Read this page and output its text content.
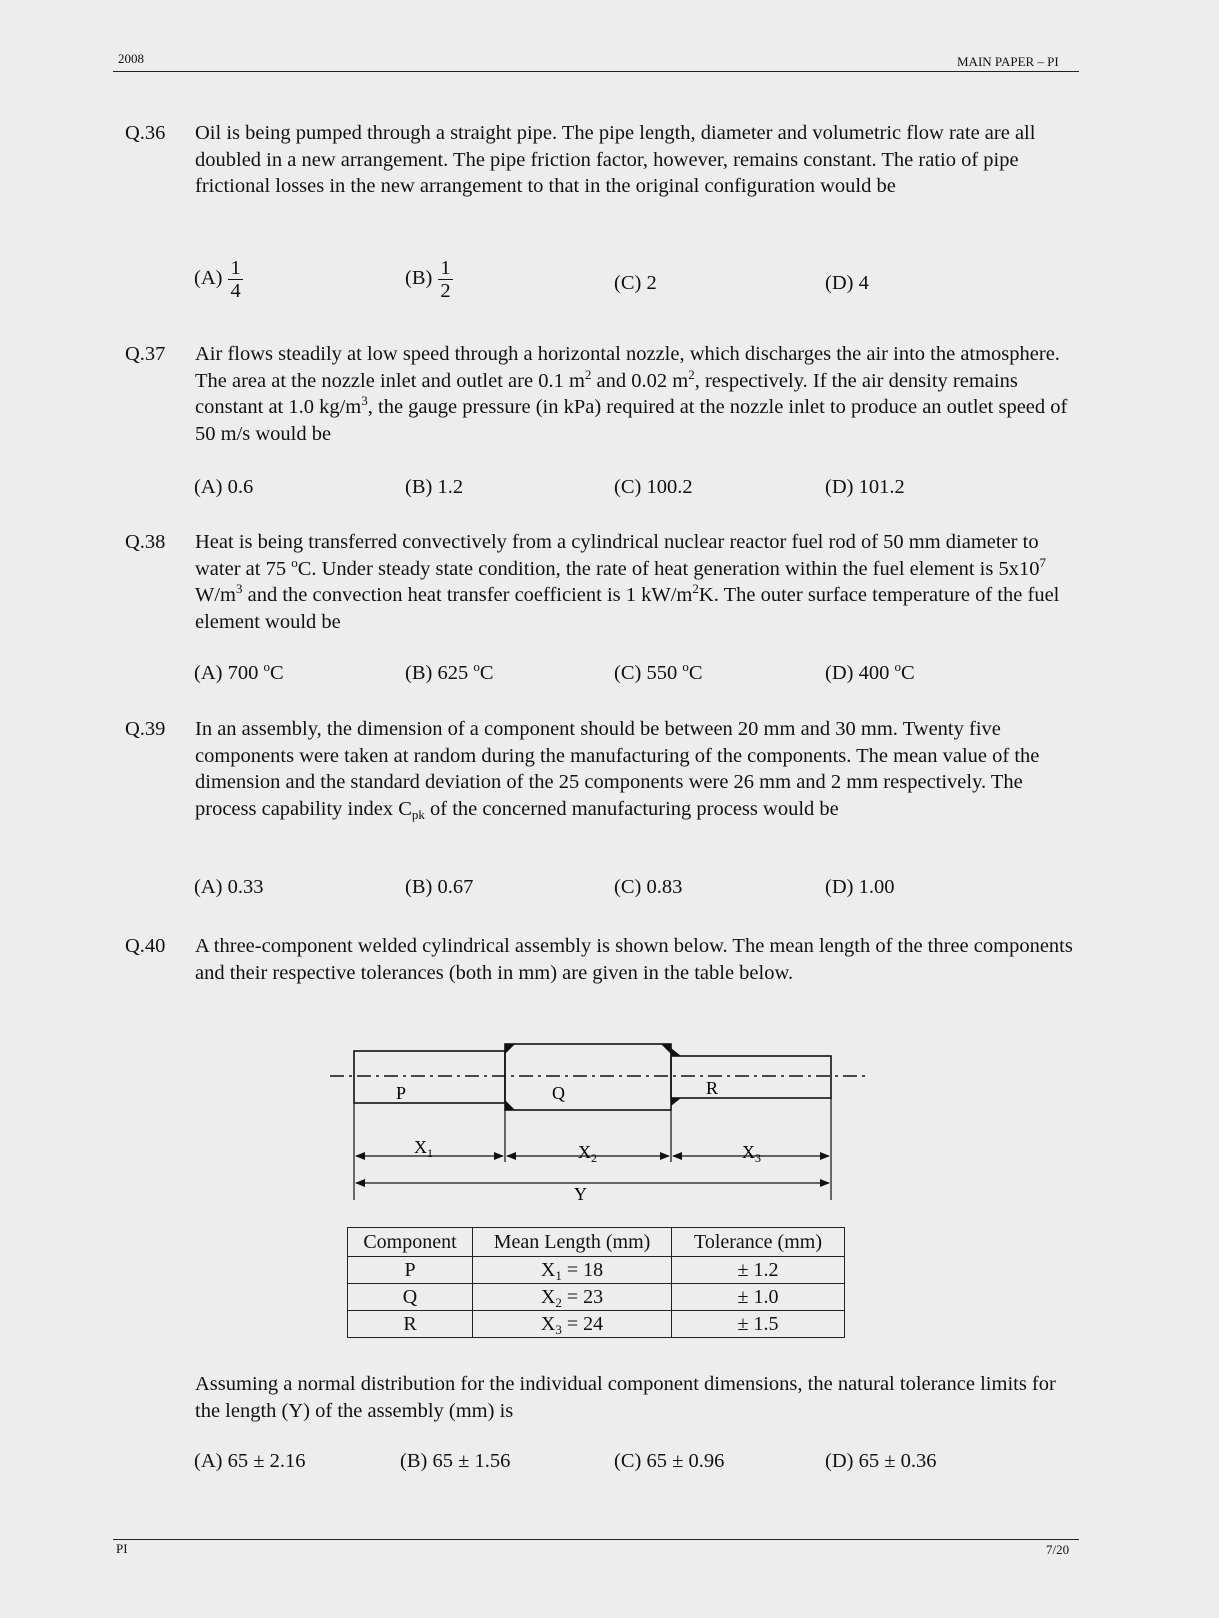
2008	MAIN PAPER – PI
Q.36 Oil is being pumped through a straight pipe. The pipe length, diameter and volumetric flow rate are all doubled in a new arrangement. The pipe friction factor, however, remains constant. The ratio of pipe frictional losses in the new arrangement to that in the original configuration would be
$(A) \frac{1}{4}$	$(B) \frac{1}{2}$	(C) 2	(D) 4
Q.37 Air flows steadily at low speed through a horizontal nozzle, which discharges the air into the atmosphere. The area at the nozzle inlet and outlet are 0.1 $m^2$ and 0.02 $m^2$, respectively. If the air density remains constant at 1.0 $kg/m^3$, the gauge pressure (in kPa) required at the nozzle inlet to produce an outlet speed of 50 m/s would be
(A) 0.6	(B) 1.2	(C) 100.2	(D) 101.2
Q.38 Heat is being transferred convectively from a cylindrical nuclear reactor fuel rod of 50 mm diameter to water at 75 $^o$C. Under steady state condition, the rate of heat generation within the fuel element is $5x10^7$ $W/m^3$ and the convection heat transfer coefficient is 1 $kW/m^2K$. The outer surface temperature of the fuel element would be
(A) 700 $^o$C	(B) 625 $^o$C	(C) 550 $^o$C	(D) 400 $^o$C
Q.39 In an assembly, the dimension of a component should be between 20 mm and 30 mm. Twenty five components were taken at random during the manufacturing of the components. The mean value of the dimension and the standard deviation of the 25 components were 26 mm and 2 mm respectively. The process capability index $C_{pk}$ of the concerned manufacturing process would be
(A) 0.33	(B) 0.67	(C) 0.83	(D) 1.00
Q.40 A three-component welded cylindrical assembly is shown below. The mean length of the three components and their respective tolerances (both in mm) are given in the table below.
P	Q	R
$X_1$	$X_2$	$X_3$
Y
Component	Mean Length (mm)	Tolerance (mm)
P	$X_1 = 18$	± 1.2
Q	$X_2 = 23$	± 1.0
R	$X_3 = 24$	± 1.5
Assuming a normal distribution for the individual component dimensions, the natural tolerance limits for the length (Y) of the assembly (mm) is
(A) 65 ± 2.16	(B) 65 ± 1.56	(C) 65 ± 0.96	(D) 65 ± 0.36
PI	7/20
